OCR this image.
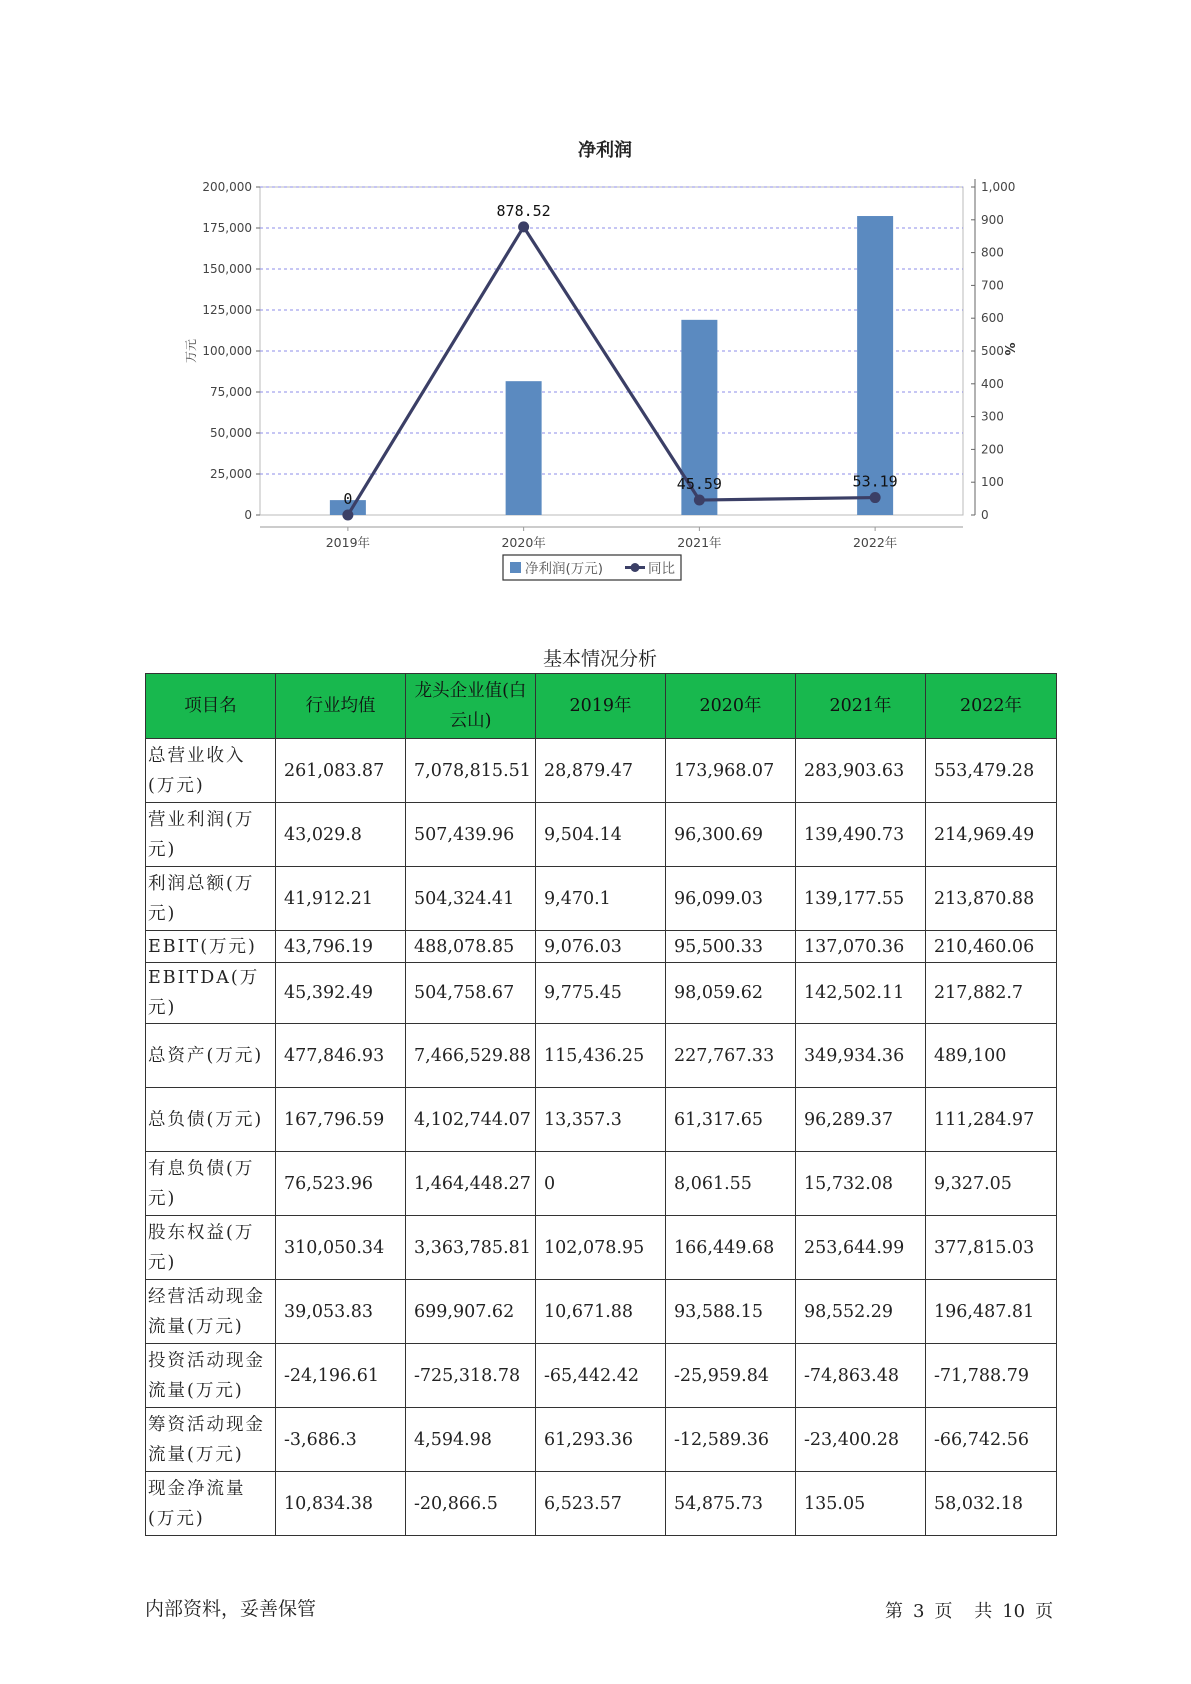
净利润
0
25,000
50,000
75,000
100,000
125,000
150,000
175,000
200,000
0
100
200
300
400
500
600
700
800
900
1,000
万元	%
2019年	2020年	2021年	2022年
0
878.52
45.59	53.19
净利润(万元)	同比
基本情况分析
项目名	行业均值	龙头企业值(白云山)	2019年	2020年	2021年	2022年
总营业收入(万元)	261,083.87	7,078,815.51	28,879.47	173,968.07	283,903.63	553,479.28
营业利润(万元)	43,029.8	507,439.96	9,504.14	96,300.69	139,490.73	214,969.49
利润总额(万元)	41,912.21	504,324.41	9,470.1	96,099.03	139,177.55	213,870.88
EBIT(万元)	43,796.19	488,078.85	9,076.03	95,500.33	137,070.36	210,460.06
EBITDA(万元)	45,392.49	504,758.67	9,775.45	98,059.62	142,502.11	217,882.7
总资产(万元)	477,846.93	7,466,529.88	115,436.25	227,767.33	349,934.36	489,100
总负债(万元)	167,796.59	4,102,744.07	13,357.3	61,317.65	96,289.37	111,284.97
有息负债(万元)	76,523.96	1,464,448.27	0	8,061.55	15,732.08	9,327.05
股东权益(万元)	310,050.34	3,363,785.81	102,078.95	166,449.68	253,644.99	377,815.03
经营活动现金流量(万元)	39,053.83	699,907.62	10,671.88	93,588.15	98,552.29	196,487.81
投资活动现金流量(万元)	-24,196.61	-725,318.78	-65,442.42	-25,959.84	-74,863.48	-71,788.79
筹资活动现金流量(万元)	-3,686.3	4,594.98	61,293.36	-12,589.36	-23,400.28	-66,742.56
现金净流量(万元)	10,834.38	-20,866.5	6,523.57	54,875.73	135.05	58,032.18
内部资料，妥善保管	第 3 页 共 10 页
